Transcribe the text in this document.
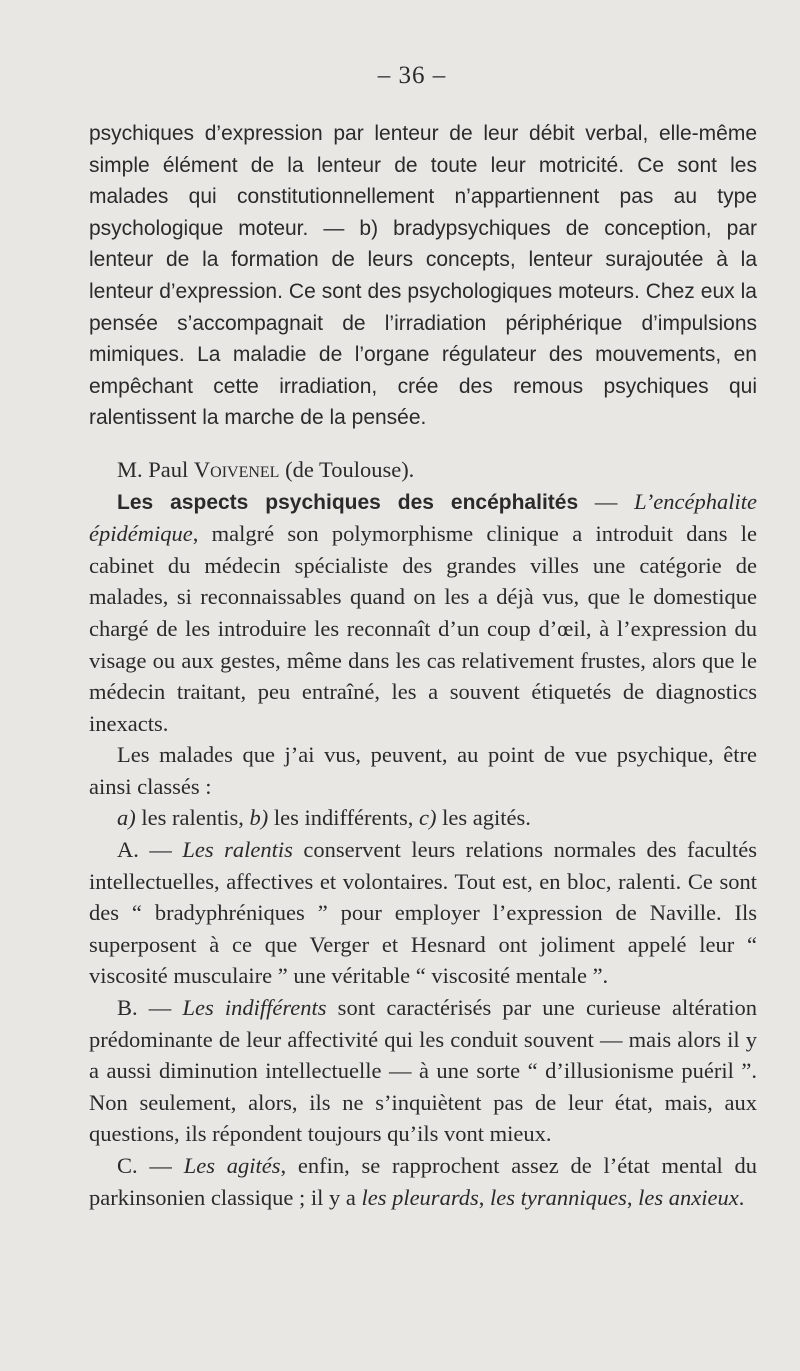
– 36 –

psychiques d’expression par lenteur de leur débit verbal, elle-même simple élément de la lenteur de toute leur motricité. Ce sont les malades qui constitutionnellement n’appartiennent pas au type psychologique moteur. — b) bradypsychiques de conception, par lenteur de la formation de leurs concepts, lenteur surajoutée à la lenteur d’expression. Ce sont des psychologiques moteurs. Chez eux la pensée s’accompagnait de l’irradiation périphérique d’impulsions mimiques. La maladie de l’organe régulateur des mouvements, en empêchant cette irradiation, crée des remous psychiques qui ralentissent la marche de la pensée.

M. Paul Voivenel (de Toulouse).

Les aspects psychiques des encéphalités — L’encéphalite épidémique, malgré son polymorphisme clinique a introduit dans le cabinet du médecin spécialiste des grandes villes une catégorie de malades, si reconnaissables quand on les a déjà vus, que le domestique chargé de les introduire les reconnaît d’un coup d’œil, à l’expression du visage ou aux gestes, même dans les cas relativement frustes, alors que le médecin traitant, peu entraîné, les a souvent étiquetés de diagnostics inexacts.

Les malades que j’ai vus, peuvent, au point de vue psychique, être ainsi classés :

a) les ralentis, b) les indifférents, c) les agités.

A. — Les ralentis conservent leurs relations normales des facultés intellectuelles, affectives et volontaires. Tout est, en bloc, ralenti. Ce sont des “ bradyphréniques ” pour employer l’expression de Naville. Ils superposent à ce que Verger et Hesnard ont joliment appelé leur “ viscosité musculaire ” une véritable “ viscosité mentale ”.

B. — Les indifférents sont caractérisés par une curieuse altération prédominante de leur affectivité qui les conduit souvent — mais alors il y a aussi diminution intellectuelle — à une sorte “ d’illusionisme puéril ”. Non seulement, alors, ils ne s’inquiètent pas de leur état, mais, aux questions, ils répondent toujours qu’ils vont mieux.

C. — Les agités, enfin, se rapprochent assez de l’état mental du parkinsonien classique ; il y a les pleurards, les tyranniques, les anxieux.
